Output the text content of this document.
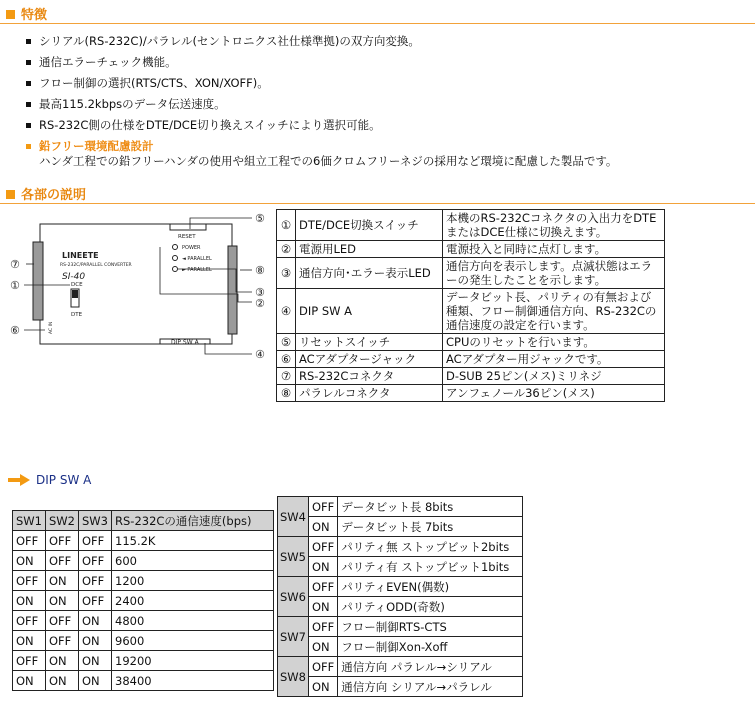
特徴
シリアル(RS-232C)/パラレル(セントロニクス社仕様準拠)の双方向変換。
通信エラーチェック機能。
フロー制御の選択(RTS/CTS、XON/XOFF)。
最高115.2kbpsのデータ伝送速度。
RS-232C側の仕様をDTE/DCE切り換えスイッチにより選択可能。
鉛フリー環境配慮設計
ハンダ工程での鉛フリーハンダの使用や組立工程での6価クロムフリーネジの採用など環境に配慮した製品です。
各部の説明
RESET
LINEETE
RS-232C/PARALLEL CONVERTER
SI-40
POWER
◄ PARALLEL
► PARALLEL
DCE
DTE
DIP SW A
AC IN
⑤
⑦
①
⑥
⑧
③
②
④
①	DTE/DCE切換スイッチ	本機のRS-232Cコネクタの入出力をDTEまたはDCE仕様に切換えます。
②	電源用LED	電源投入と同時に点灯します。
③	通信方向･エラー表示LED	通信方向を表示します。点滅状態はエラーの発生したことを示します。
④	DIP SW A	データビット長、パリティの有無および種類、フロー制御通信方向、RS-232Cの通信速度の設定を行います。
⑤	リセットスイッチ	CPUのリセットを行います。
⑥	ACアダプタージャック	ACアダプター用ジャックです。
⑦	RS-232Cコネクタ	D-SUB 25ピン(メス)ミリネジ
⑧	パラレルコネクタ	アンフェノール36ピン(メス)
DIP SW A
SW1	SW2	SW3	RS-232Cの通信速度(bps)
OFF	OFF	OFF	115.2K
ON	OFF	OFF	600
OFF	ON	OFF	1200
ON	ON	OFF	2400
OFF	OFF	ON	4800
ON	OFF	ON	9600
OFF	ON	ON	19200
ON	ON	ON	38400
SW4	OFF	データビット長 8bits
	ON	データビット長 7bits
SW5	OFF	パリティ無 ストップビット2bits
	ON	パリティ有 ストップビット1bits
SW6	OFF	パリティEVEN(偶数)
	ON	パリティODD(奇数)
SW7	OFF	フロー制御RTS-CTS
	ON	フロー制御Xon-Xoff
SW8	OFF	通信方向 パラレル→シリアル
	ON	通信方向 シリアル→パラレル
